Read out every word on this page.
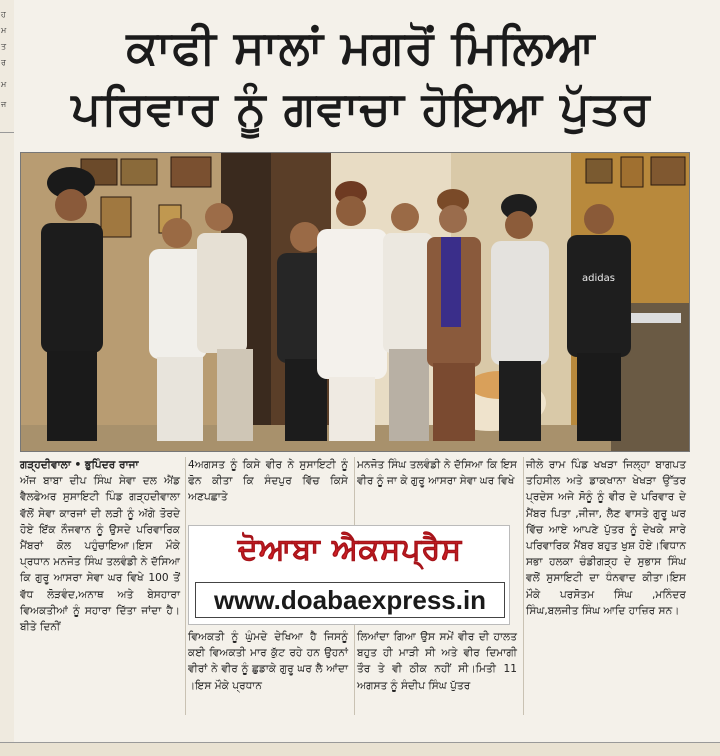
ਹ
ਮ
ਤ
ਰ
ਮ
ਜ
ਕਾਫੀ ਸਾਲਾਂ ਮਗਰੋਂ ਮਿਲਿਆ
ਪਰਿਵਾਰ ਨੂੰ ਗਵਾਚਾ ਹੋਇਆ ਪੁੱਤਰ
adidas

ਗੜ੍ਹਦੀਵਾਲਾ • ਭੁਪਿੰਦਰ ਰਾਜਾ

ਅੱਜ ਬਾਬਾ ਦੀਪ ਸਿੰਘ ਸੇਵਾ ਦਲ ਐਂਡ ਵੈਲਫੇਅਰ ਸੁਸਾਇਟੀ ਪਿੰਡ ਗੜ੍ਹਦੀਵਾਲਾ ਵੱਲੋਂ ਸੇਵਾ ਕਾਰਜਾਂ ਦੀ ਲੜੀ ਨੂੰ ਅੱਗੇ ਤੋਰਦੇ ਹੋਏ ਇੱਕ ਨੌਜਵਾਨ ਨੂੰ ਉਸਦੇ ਪਰਿਵਾਰਿਕ ਮੈਂਬਰਾਂ ਕੋਲ ਪਹੁੰਚਾਇਆ।ਇਸ ਮੌਕੇ ਪ੍ਰਧਾਨ ਮਨਜੋਤ ਸਿੰਘ ਤਲਵੰਡੀ ਨੇ ਦੱਸਿਆ ਕਿ ਗੁਰੂ ਆਸਰਾ ਸੇਵਾ ਘਰ ਵਿਖੇ 100 ਤੋਂ ਵੱਧ ਲੋੜਵੰਦ,ਅਨਾਥ ਅਤੇ ਬੇਸਹਾਰਾ ਵਿਅਕਤੀਆਂ ਨੂੰ ਸਹਾਰਾ ਦਿੱਤਾ ਜਾਂਦਾ ਹੈ। ਬੀਤੇ ਦਿਨੀਂ

4ਅਗਸਤ ਨੂੰ ਕਿਸੇ ਵੀਰ ਨੇ ਸੁਸਾਇਟੀ ਨੂੰ ਫੋਨ ਕੀਤਾ ਕਿ ਸੰਦਪੁਰ ਵਿੱਚ ਕਿਸੇ ਅਣਪਛਾਤੇ

ਵਿਅਕਤੀ ਨੂੰ ਘੁੰਮਦੇ ਦੇਖਿਆ ਹੈ ਜਿਸਨੂੰ ਕਈ ਵਿਅਕਤੀ ਮਾਰ ਕੁੱਟ ਰਹੇ ਹਨ ਉਹਨਾਂ ਵੀਰਾਂ ਨੇ ਵੀਰ ਨੂੰ ਛੁਡਾਕੇ ਗੁਰੂ ਘਰ ਲੈ ਆਂਦਾ ।ਇਸ ਮੌਕੇ ਪ੍ਰਧਾਨ

ਮਨਜੋਤ ਸਿੰਘ ਤਲਵੰਡੀ ਨੇ ਦੱਸਿਆ ਕਿ ਇਸ ਵੀਰ ਨੂੰ ਜਾ ਕੇ ਗੁਰੂ ਆਸਰਾ ਸੇਵਾ ਘਰ ਵਿਖੇ

ਲਿਆਂਦਾ ਗਿਆ ਉਸ ਸਮੇਂ ਵੀਰ ਦੀ ਹਾਲਤ ਬਹੁਤ ਹੀ ਮਾੜੀ ਸੀ ਅਤੇ ਵੀਰ ਦਿਮਾਗੀ ਤੌਰ ਤੇ ਵੀ ਠੀਕ ਨਹੀਂ ਸੀ।ਮਿਤੀ 11 ਅਗਸਤ ਨੂੰ ਸੰਦੀਪ ਸਿੰਘ ਪੁੱਤਰ

ਜੀਲੇ ਰਾਮ ਪਿੰਡ ਖਖੜਾ ਜਿਲ੍ਹਾ ਬਾਗਪਤ ਤਹਿਸੀਲ ਅਤੇ ਡਾਕਖਾਨਾ ਖੇਖੜਾ ਉੱਤਰ ਪ੍ਰਦੇਸ ਅਜੇ ਸੋਨੂੰ ਨੂੰ ਵੀਰ ਦੇ ਪਰਿਵਾਰ ਦੇ ਮੈਂਬਰ ਪਿਤਾ ,ਜੀਜਾ, ਲੈਣ ਵਾਸਤੇ ਗੁਰੂ ਘਰ ਵਿੱਚ ਆਏ ਆਪਣੇ ਪੁੱਤਰ ਨੂੰ ਦੇਖਕੇ ਸਾਰੇ ਪਰਿਵਾਰਿਕ ਮੈਂਬਰ ਬਹੁਤ ਖੁਸ਼ ਹੋਏ।ਵਿਧਾਨ ਸਭਾ ਹਲਕਾ ਚੰਡੀਗੜ੍ਹ ਦੇ ਸੁਭਾਸ ਸਿੰਘ ਵਲੋਂ ਸੁਸਾਇਟੀ ਦਾ ਧੰਨਵਾਦ ਕੀਤਾ।ਇਸ ਮੌਕੇ ਪਰਸੋਤਮ ਸਿੰਘ ,ਮਨਿੰਦਰ ਸਿੰਘ,ਬਲਜੀਤ ਸਿੰਘ ਆਦਿ ਹਾਜ਼ਿਰ ਸਨ।

ਦੋਆਬਾ ਐਕਸਪ੍ਰੈਸ
www.doabaexpress.in
